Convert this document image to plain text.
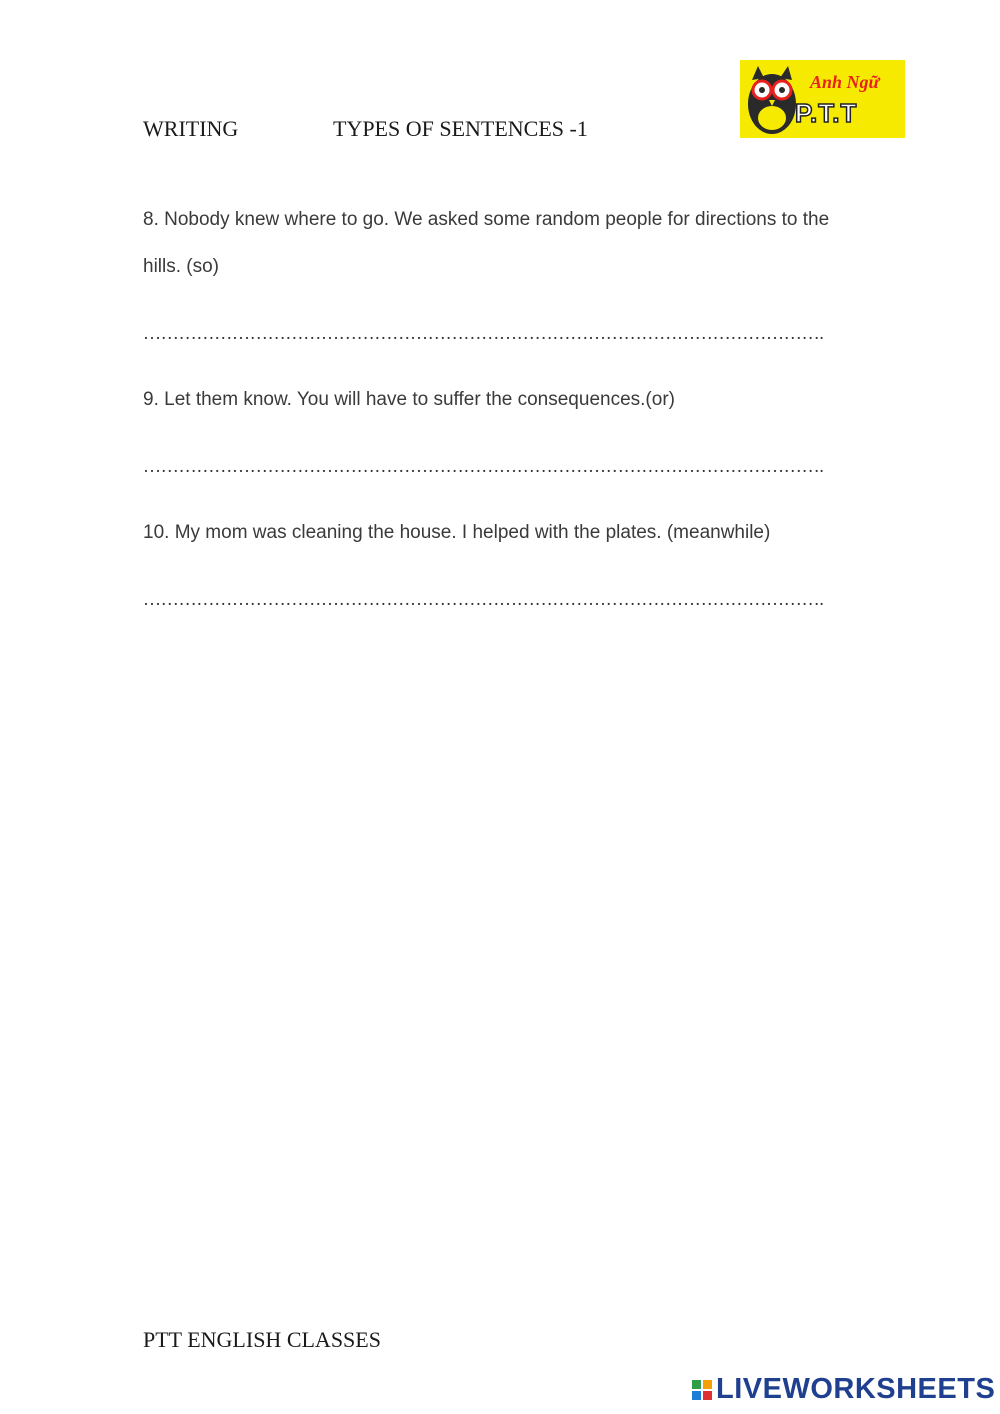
WRITING	TYPES OF SENTENCES -1
Anh Ngữ
P.T.T
8. Nobody knew where to go. We asked some random people for directions to the
hills. (so)
…………………………………………………………………………………………………….
9. Let them know. You will have to suffer the consequences.(or)
…………………………………………………………………………………………………….
10. My mom was cleaning the house. I helped with the plates. (meanwhile)
…………………………………………………………………………………………………….
PTT ENGLISH CLASSES
LIVEWORKSHEETS
